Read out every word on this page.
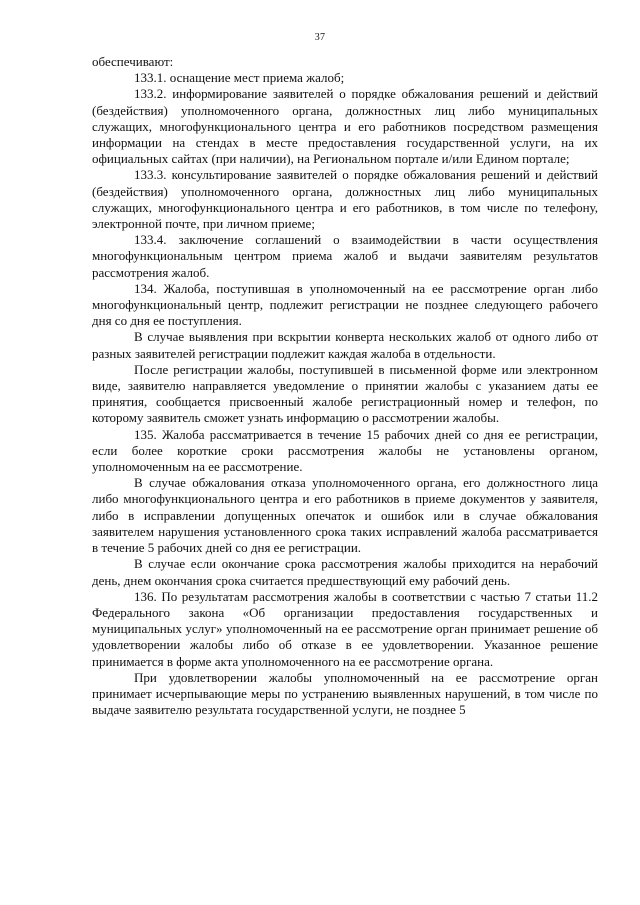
37

обеспечивают:

133.1. оснащение мест приема жалоб;

133.2. информирование заявителей о порядке обжалования решений и действий (бездействия) уполномоченного органа, должностных лиц либо муниципальных служащих, многофункционального центра и его работников посредством размещения информации на стендах в месте предоставления государственной услуги, на их официальных сайтах (при наличии), на Региональном портале и/или Едином портале;

133.3. консультирование заявителей о порядке обжалования решений и действий (бездействия) уполномоченного органа, должностных лиц либо муниципальных служащих, многофункционального центра и его работников, в том числе по телефону, электронной почте, при личном приеме;

133.4. заключение соглашений о взаимодействии в части осуществления многофункциональным центром приема жалоб и выдачи заявителям результатов рассмотрения жалоб.

134. Жалоба, поступившая в уполномоченный на ее рассмотрение орган либо многофункциональный центр, подлежит регистрации не позднее следующего рабочего дня со дня ее поступления.

В случае выявления при вскрытии конверта нескольких жалоб от одного либо от разных заявителей регистрации подлежит каждая жалоба в отдельности.

После регистрации жалобы, поступившей в письменной форме или электронном виде, заявителю направляется уведомление о принятии жалобы с указанием даты ее принятия, сообщается присвоенный жалобе регистрационный номер и телефон, по которому заявитель сможет узнать информацию о рассмотрении жалобы.

135. Жалоба рассматривается в течение 15 рабочих дней со дня ее регистрации, если более короткие сроки рассмотрения жалобы не установлены органом, уполномоченным на ее рассмотрение.

В случае обжалования отказа уполномоченного органа, его должностного лица либо многофункционального центра и его работников в приеме документов у заявителя, либо в исправлении допущенных опечаток и ошибок или в случае обжалования заявителем нарушения установленного срока таких исправлений жалоба рассматривается в течение 5 рабочих дней со дня ее регистрации.

В случае если окончание срока рассмотрения жалобы приходится на нерабочий день, днем окончания срока считается предшествующий ему рабочий день.

136. По результатам рассмотрения жалобы в соответствии с частью 7 статьи 11.2 Федерального закона «Об организации предоставления государственных и муниципальных услуг» уполномоченный на ее рассмотрение орган принимает решение об удовлетворении жалобы либо об отказе в ее удовлетворении. Указанное решение принимается в форме акта уполномоченного на ее рассмотрение органа.

При удовлетворении жалобы уполномоченный на ее рассмотрение орган принимает исчерпывающие меры по устранению выявленных нарушений, в том числе по выдаче заявителю результата государственной услуги, не позднее 5
